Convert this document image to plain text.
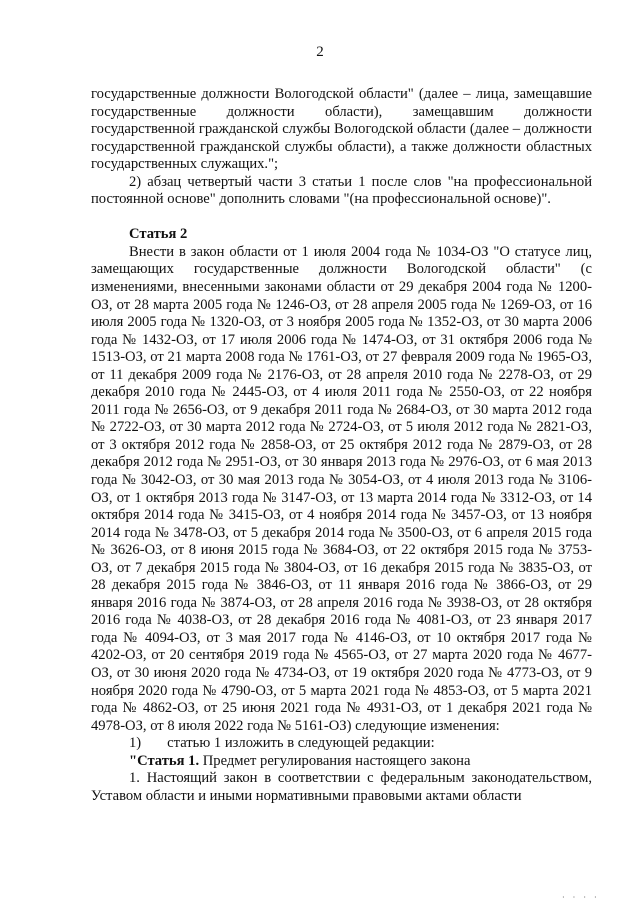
2

государственные должности Вологодской области" (далее – лица, замещавшие государственные должности области), замещавшим должности государственной гражданской службы Вологодской области (далее – должности государственной гражданской службы области), а также должности областных государственных служащих.";

2) абзац четвертый части 3 статьи 1 после слов "на профессиональной постоянной основе" дополнить словами "(на профессиональной основе)".

Статья 2

Внести в закон области от 1 июля 2004 года № 1034-ОЗ "О статусе лиц, замещающих государственные должности Вологодской области" (с изменениями, внесенными законами области от 29 декабря 2004 года № 1200-ОЗ, от 28 марта 2005 года № 1246-ОЗ, от 28 апреля 2005 года № 1269-ОЗ, от 16 июля 2005 года № 1320-ОЗ, от 3 ноября 2005 года № 1352-ОЗ, от 30 марта 2006 года № 1432-ОЗ, от 17 июля 2006 года № 1474-ОЗ, от 31 октября 2006 года № 1513-ОЗ, от 21 марта 2008 года № 1761-ОЗ, от 27 февраля 2009 года № 1965-ОЗ, от 11 декабря 2009 года № 2176-ОЗ, от 28 апреля 2010 года № 2278-ОЗ, от 29 декабря 2010 года № 2445-ОЗ, от 4 июля 2011 года № 2550-ОЗ, от 22 ноября 2011 года № 2656-ОЗ, от 9 декабря 2011 года № 2684-ОЗ, от 30 марта 2012 года № 2722-ОЗ, от 30 марта 2012 года № 2724-ОЗ, от 5 июля 2012 года № 2821-ОЗ, от 3 октября 2012 года № 2858-ОЗ, от 25 октября 2012 года № 2879-ОЗ, от 28 декабря 2012 года № 2951-ОЗ, от 30 января 2013 года № 2976-ОЗ, от 6 мая 2013 года № 3042-ОЗ, от 30 мая 2013 года № 3054-ОЗ, от 4 июля 2013 года № 3106-ОЗ, от 1 октября 2013 года № 3147-ОЗ, от 13 марта 2014 года № 3312-ОЗ, от 14 октября 2014 года № 3415-ОЗ, от 4 ноября 2014 года № 3457-ОЗ, от 13 ноября 2014 года № 3478-ОЗ, от 5 декабря 2014 года № 3500-ОЗ, от 6 апреля 2015 года № 3626-ОЗ, от 8 июня 2015 года № 3684-ОЗ, от 22 октября 2015 года № 3753-ОЗ, от 7 декабря 2015 года № 3804-ОЗ, от 16 декабря 2015 года № 3835-ОЗ, от 28 декабря 2015 года № 3846-ОЗ, от 11 января 2016 года № 3866-ОЗ, от 29 января 2016 года № 3874-ОЗ, от 28 апреля 2016 года № 3938-ОЗ, от 28 октября 2016 года № 4038-ОЗ, от 28 декабря 2016 года № 4081-ОЗ, от 23 января 2017 года № 4094-ОЗ, от 3 мая 2017 года № 4146-ОЗ, от 10 октября 2017 года № 4202-ОЗ, от 20 сентября 2019 года № 4565-ОЗ, от 27 марта 2020 года № 4677-ОЗ, от 30 июня 2020 года № 4734-ОЗ, от 19 октября 2020 года № 4773-ОЗ, от 9 ноября 2020 года № 4790-ОЗ, от 5 марта 2021 года № 4853-ОЗ, от 5 марта 2021 года № 4862-ОЗ, от 25 июня 2021 года № 4931-ОЗ, от 1 декабря 2021 года № 4978-ОЗ, от 8 июля 2022 года № 5161-ОЗ) следующие изменения:

1) статью 1 изложить в следующей редакции:

"Статья 1. Предмет регулирования настоящего закона

1. Настоящий закон в соответствии с федеральным законодательством, Уставом области и иными нормативными правовыми актами области

· · · ·
